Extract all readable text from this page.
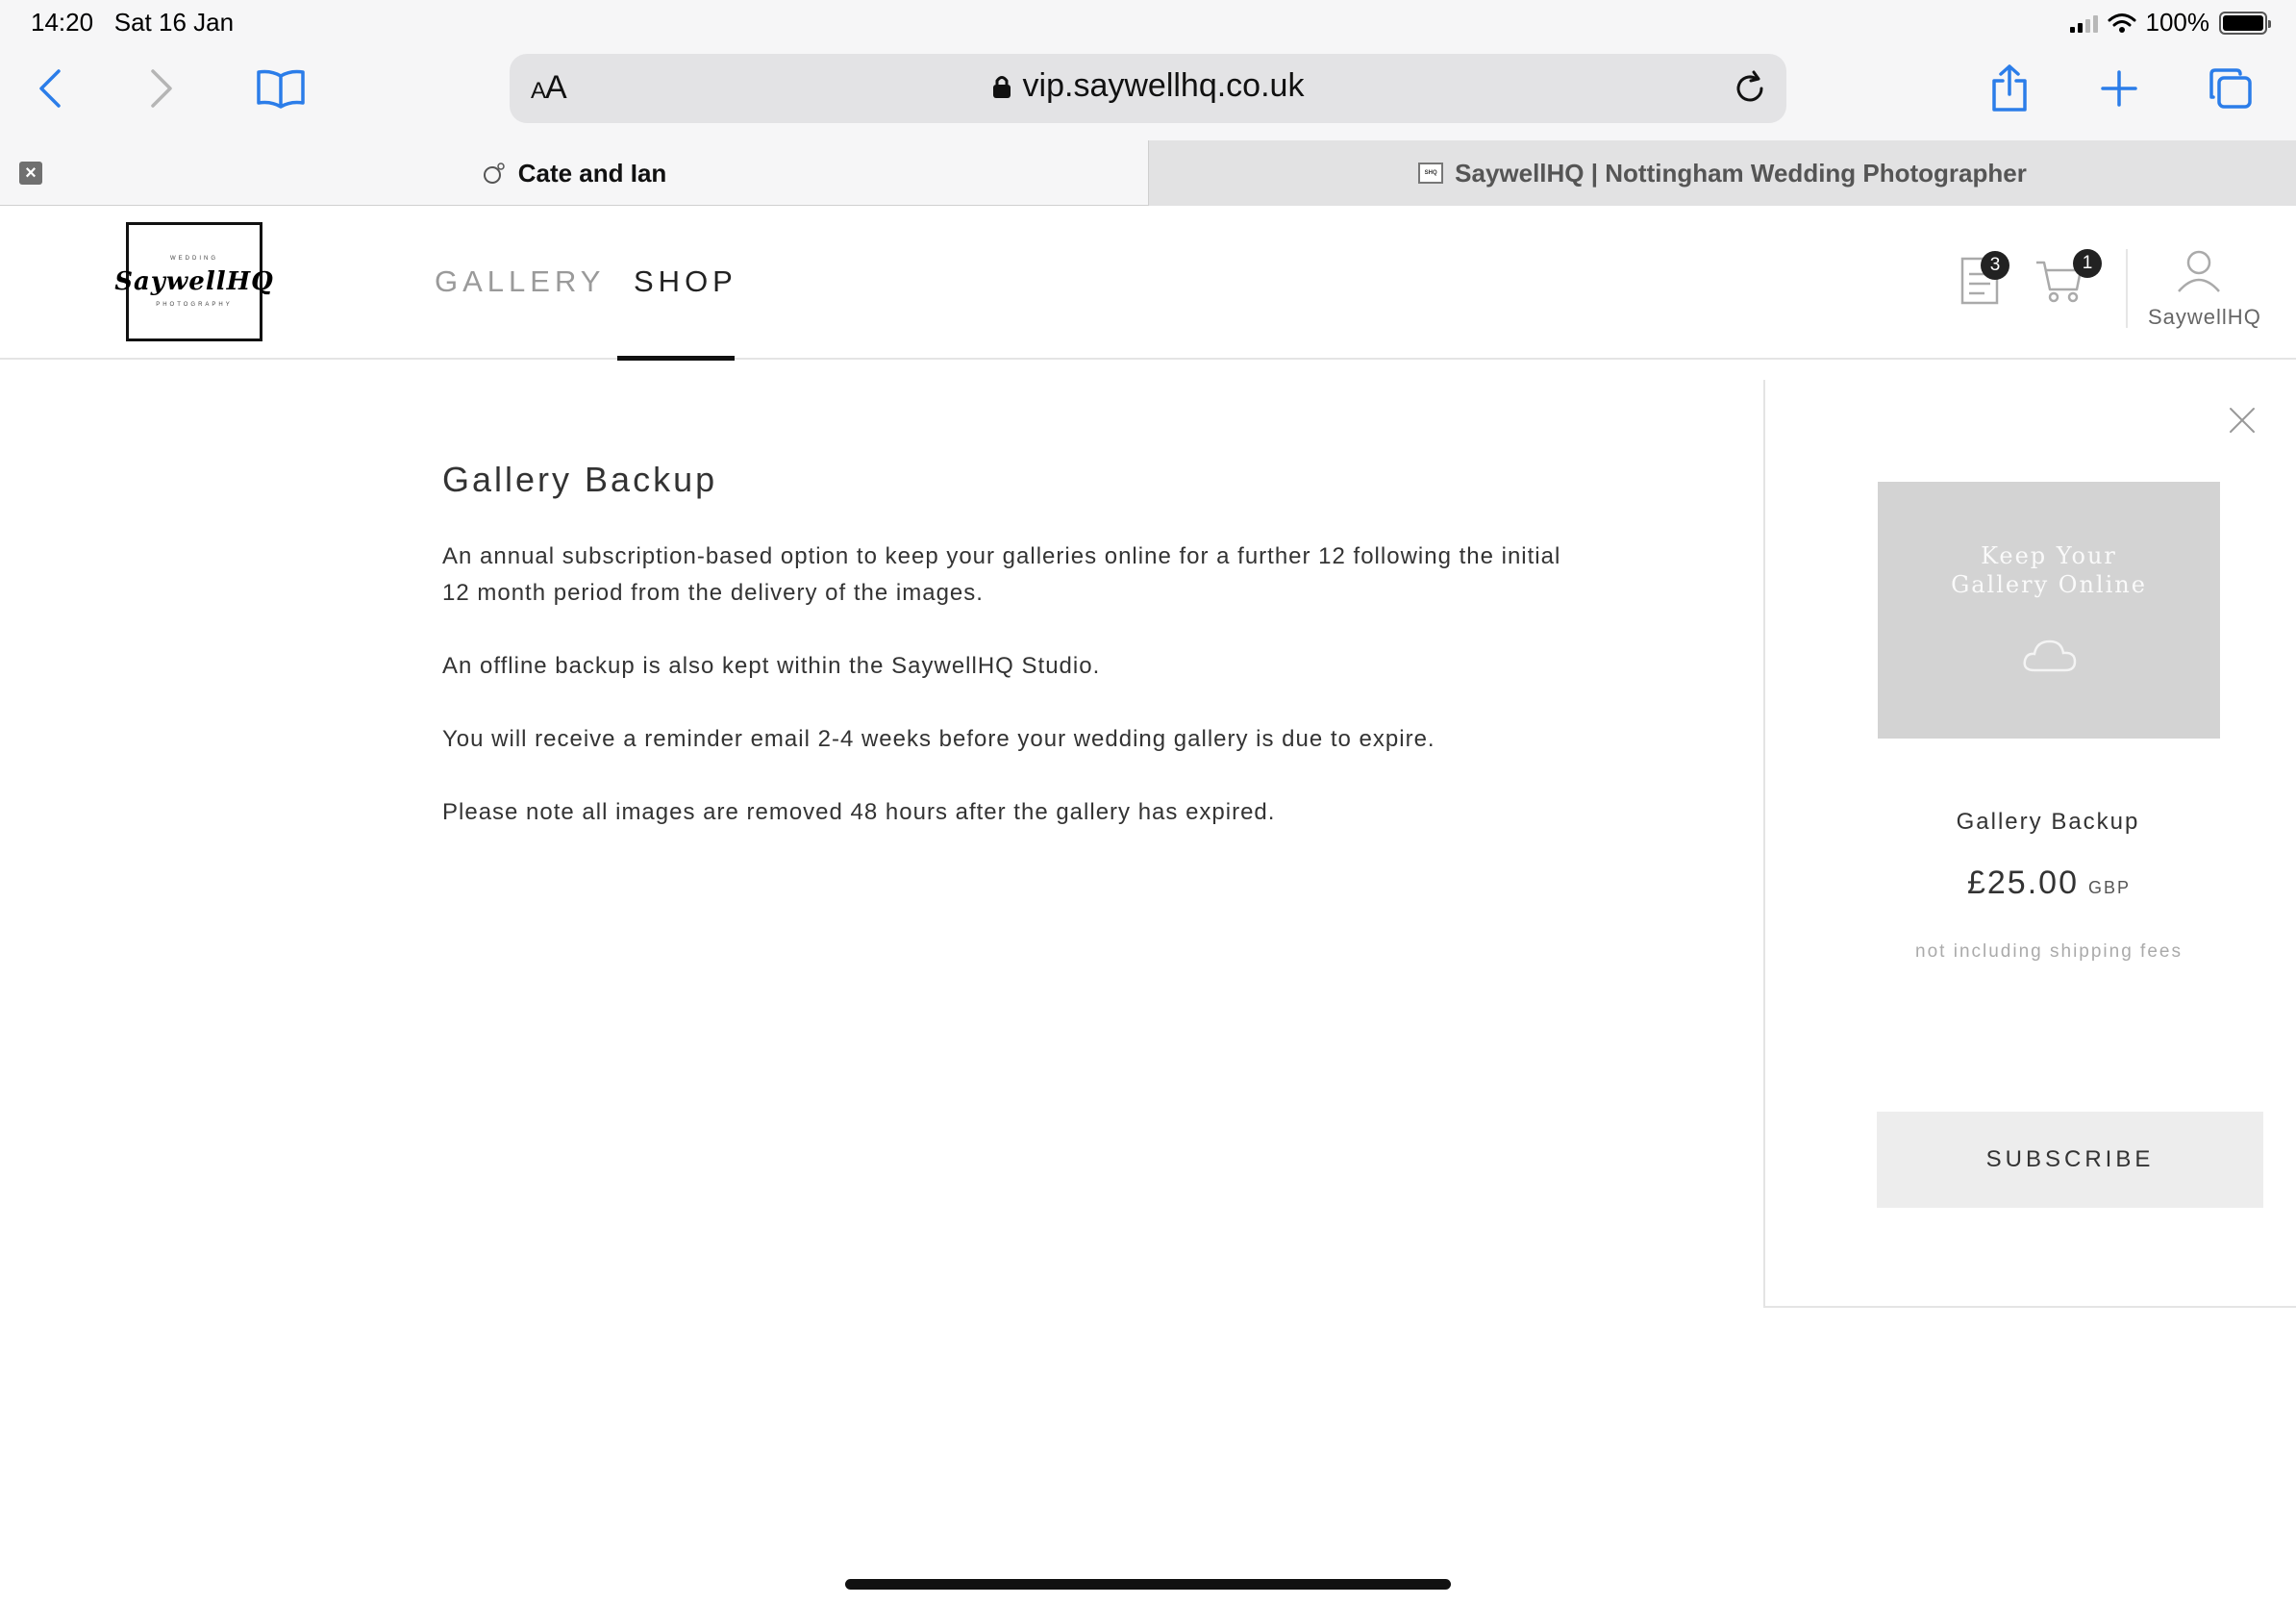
14:20 Sat 16 Jan	100%
AA	vip.saywellhq.co.uk
Cate and Ian
×	SHQ SaywellHQ | Nottingham Wedding Photographer
WEDDING
SaywellHQ
PHOTOGRAPHY
GALLERY SHOP	3	1
SaywellHQ
Gallery Backup

An annual subscription-based option to keep your galleries online for a further 12 following the initial 12 month period from the delivery of the images.

An offline backup is also kept within the SaywellHQ Studio.

You will receive a reminder email 2-4 weeks before your wedding gallery is due to expire.

Please note all images are removed 48 hours after the gallery has expired.

Keep Your
Gallery Online
Gallery Backup
£25.00 GBP
not including shipping fees
SUBSCRIBE
